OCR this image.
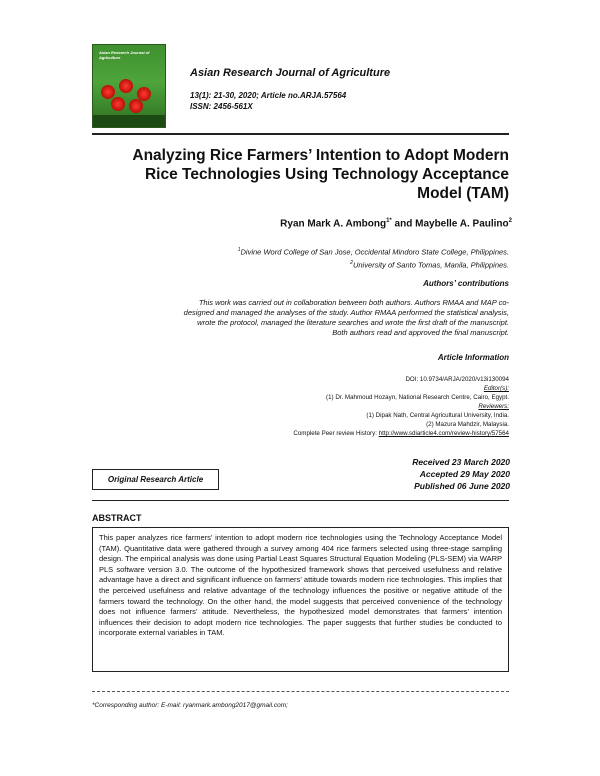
Asian Research Journal of Agriculture
Asian Research Journal of Agriculture
13(1): 21-30, 2020; Article no.ARJA.57564
ISSN: 2456-561X
Analyzing Rice Farmers’ Intention to Adopt Modern
Rice Technologies Using Technology Acceptance
Model (TAM)
Ryan Mark A. Ambong$^{1*}$ and Maybelle A. Paulino$^2$
$^1$Divine Word College of San Jose, Occidental Mindoro State College, Philippines.
$^2$University of Santo Tomas, Manila, Philippines.
Authors’ contributions
This work was carried out in collaboration between both authors. Authors RMAA and MAP co-
designed and managed the analyses of the study. Author RMAA performed the statistical analysis,
wrote the protocol, managed the literature searches and wrote the first draft of the manuscript.
Both authors read and approved the final manuscript.
Article Information
DOI: 10.9734/ARJA/2020/v13i130094
Editor(s):
(1) Dr. Mahmoud Hozayn, National Research Centre, Cairo, Egypt.
Reviewers:
(1) Dipak Nath, Central Agricultural University, India.
(2) Mazura Mahdzir, Malaysia.
Complete Peer review History: http://www.sdiarticle4.com/review-history/57564
Received 23 March 2020
Accepted 29 May 2020
Published 06 June 2020
Original Research Article
ABSTRACT
This paper analyzes rice farmers’ intention to adopt modern rice technologies using the Technology Acceptance Model (TAM). Quantitative data were gathered through a survey among 404 rice farmers selected using three-stage sampling design. The empirical analysis was done using Partial Least Squares Structural Equation Modeling (PLS-SEM) via WARP PLS software version 3.0. The outcome of the hypothesized framework shows that perceived usefulness and relative advantage have a direct and significant influence on farmers’ attitude towards modern rice technologies. This implies that the perceived usefulness and relative advantage of the technology influences the positive or negative attitude of the farmers toward the technology. On the other hand, the model suggests that perceived convenience of the technology does not influence farmers’ attitude. Nevertheless, the hypothesized model demonstrates that farmers’ intention influences their decision to adopt modern rice technologies. The paper suggests that further studies be conducted to incorporate external variables in TAM.
*Corresponding author: E-mail: ryanmark.ambong2017@gmail.com;
